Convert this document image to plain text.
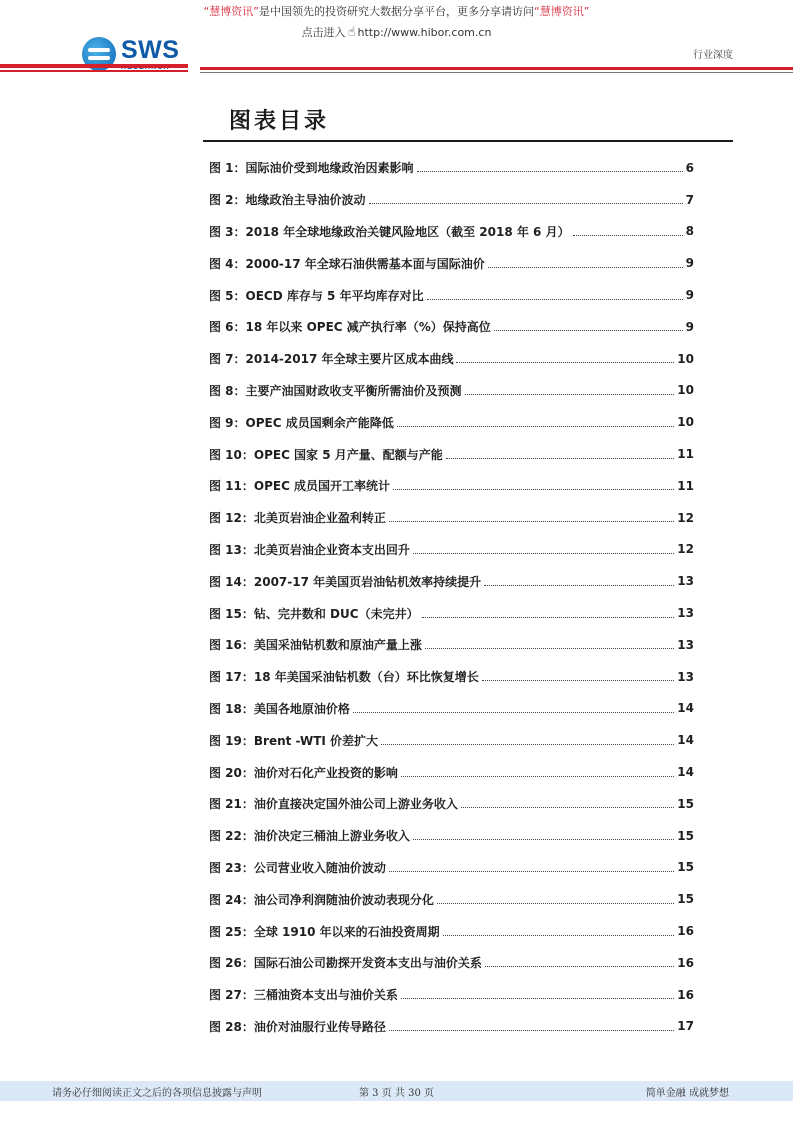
“慧博资讯”是中国领先的投资研究大数据分享平台，更多分享请访问“慧博资讯”
点击进入 ☝ http://www.hibor.com.cn
SWS	行业深度
图表目录
图 1：国际油价受到地缘政治因素影响	6
图 2：地缘政治主导油价波动	7
图 3：2018 年全球地缘政治关键风险地区（截至 2018 年 6 月）	8
图 4：2000-17 年全球石油供需基本面与国际油价	9
图 5：OECD 库存与 5 年平均库存对比	9
图 6：18 年以来 OPEC 减产执行率（%）保持高位	9
图 7：2014-2017 年全球主要片区成本曲线	10
图 8：主要产油国财政收支平衡所需油价及预测	10
图 9：OPEC 成员国剩余产能降低	10
图 10：OPEC 国家 5 月产量、配额与产能	11
图 11：OPEC 成员国开工率统计	11
图 12：北美页岩油企业盈利转正	12
图 13：北美页岩油企业资本支出回升	12
图 14：2007-17 年美国页岩油钻机效率持续提升	13
图 15：钻、完井数和 DUC（未完井）	13
图 16：美国采油钻机数和原油产量上涨	13
图 17：18 年美国采油钻机数（台）环比恢复增长	13
图 18：美国各地原油价格	14
图 19：Brent -WTI 价差扩大	14
图 20：油价对石化产业投资的影响	14
图 21：油价直接决定国外油公司上游业务收入	15
图 22：油价决定三桶油上游业务收入	15
图 23：公司营业收入随油价波动	15
图 24：油公司净利润随油价波动表现分化	15
图 25：全球 1910 年以来的石油投资周期	16
图 26：国际石油公司勘探开发资本支出与油价关系	16
图 27：三桶油资本支出与油价关系	16
图 28：油价对油服行业传导路径	17
请务必仔细阅读正文之后的各项信息披露与声明	第 3 页 共 30 页	简单金融 成就梦想
